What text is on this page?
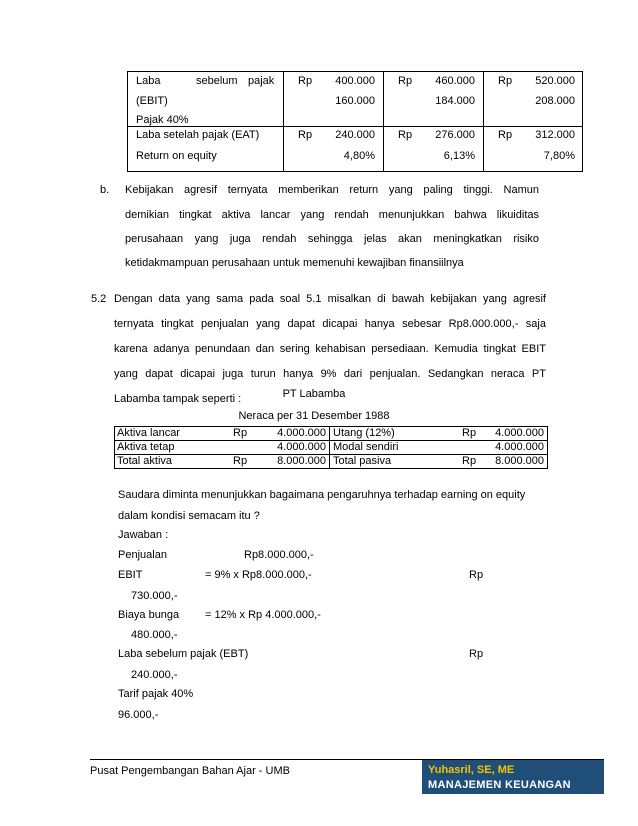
Laba	sebelum pajak Rp	400.000 Rp	460.000 Rp	520.000
(EBIT)	160.000	184.000	208.000
Pajak 40%
Laba setelah pajak (EAT)	Rp	240.000 Rp	276.000 Rp	312.000
Return on equity	4,80%	6,13%	7,80%
b. Kebijakan agresif ternyata memberikan return yang paling tinggi. Namun
demikian tingkat aktiva lancar yang rendah menunjukkan bahwa likuiditas
perusahaan yang juga rendah sehingga jelas akan meningkatkan risiko
ketidakmampuan perusahaan untuk memenuhi kewajiban finansiilnya
5.2 Dengan data yang sama pada soal 5.1 misalkan di bawah kebijakan yang agresif
ternyata tingkat penjualan yang dapat dicapai hanya sebesar Rp8.000.000,- saja
karena adanya penundaan dan sering kehabisan persediaan. Kemudia tingkat EBIT
yang dapat dicapai juga turun hanya 9% dari penjualan. Sedangkan neraca PT
Labamba tampak seperti :	PT Labamba
Neraca per 31 Desember 1988
Aktiva lancar	Rp	4.000.000 Utang (12%)	Rp	4.000.000
Aktiva tetap	4.000.000 Modal sendiri	4.000.000
Total aktiva	Rp	8.000.000 Total pasiva	Rp	8.000.000
Saudara diminta menunjukkan bagaimana pengaruhnya terhadap earning on equity
dalam kondisi semacam itu ?
Jawaban :
Penjualan	Rp8.000.000,-
EBIT	= 9% x Rp8.000.000,-	Rp
730.000,-
Biaya bunga = 12% x Rp 4.000.000,-
480.000,-
Laba sebelum pajak (EBT)	Rp
240.000,-
Tarif pajak 40%
96.000,-
Pusat Pengembangan Bahan Ajar - UMB	Yuhasril, SE, ME
MANAJEMEN KEUANGAN
